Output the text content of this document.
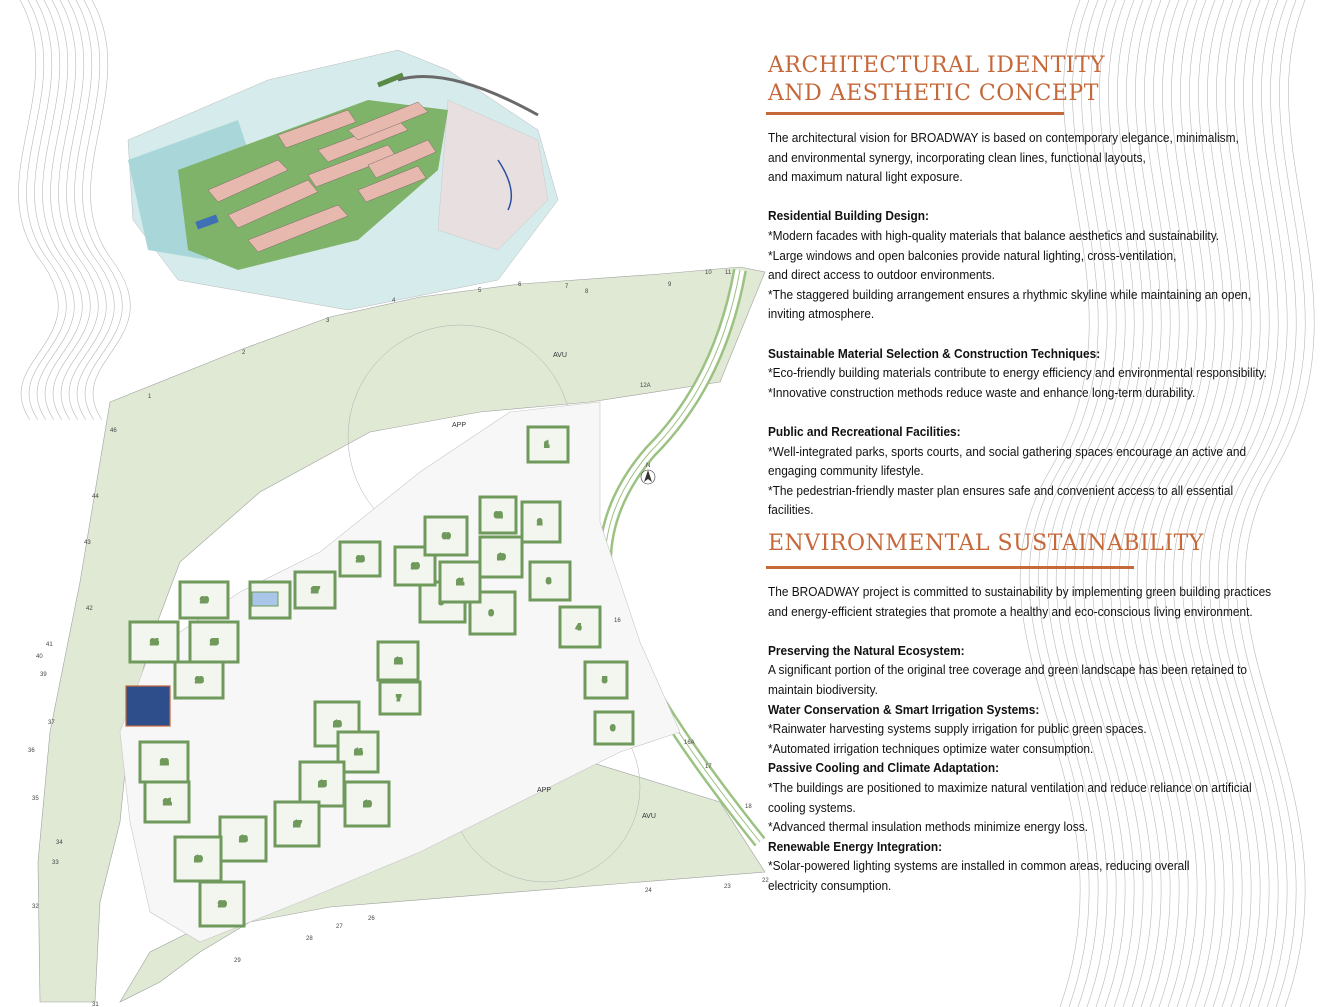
1
2
3
4
5
6
7
9
10
11
12
13
14
15
16
17
18
19
20
21
22
23
24	25
26
27
28
29
30
32
N
AVU
APP
APP
AVU
12A
16A
1
2
3
4
5
6	7
8
9
10 11
16
17
18
22
23
24
26
27
28
29
31
32
33
34
35
36
37
39
40
41
42
43
44
46
ARCHITECTURAL IDENTITY
AND AESTHETIC CONCEPT

The architectural vision for BROADWAY is based on contemporary elegance, minimalism,

and environmental synergy, incorporating clean lines, functional layouts,

and maximum natural light exposure.

Residential Building Design:

*Modern facades with high-quality materials that balance aesthetics and sustainability.

*Large windows and open balconies provide natural lighting, cross-ventilation,

and direct access to outdoor environments.

*The staggered building arrangement ensures a rhythmic skyline while maintaining an open,

inviting atmosphere.

Sustainable Material Selection & Construction Techniques:

*Eco-friendly building materials contribute to energy efficiency and environmental responsibility.

*Innovative construction methods reduce waste and enhance long-term durability.

Public and Recreational Facilities:

*Well-integrated parks, sports courts, and social gathering spaces encourage an active and

engaging community lifestyle.

*The pedestrian-friendly master plan ensures safe and convenient access to all essential facilities.

ENVIRONMENTAL SUSTAINABILITY

The BROADWAY project is committed to sustainability by implementing green building practices

and energy-efficient strategies that promote a healthy and eco-conscious living environment.

Preserving the Natural Ecosystem:

A significant portion of the original tree coverage and green landscape has been retained to

maintain biodiversity.

Water Conservation & Smart Irrigation Systems:

*Rainwater harvesting systems supply irrigation for public green spaces.

*Automated irrigation techniques optimize water consumption.

Passive Cooling and Climate Adaptation:

*The buildings are positioned to maximize natural ventilation and reduce reliance on artificial

cooling systems.

*Advanced thermal insulation methods minimize energy loss.

Renewable Energy Integration:

*Solar-powered lighting systems are installed in common areas, reducing overall

electricity consumption.
